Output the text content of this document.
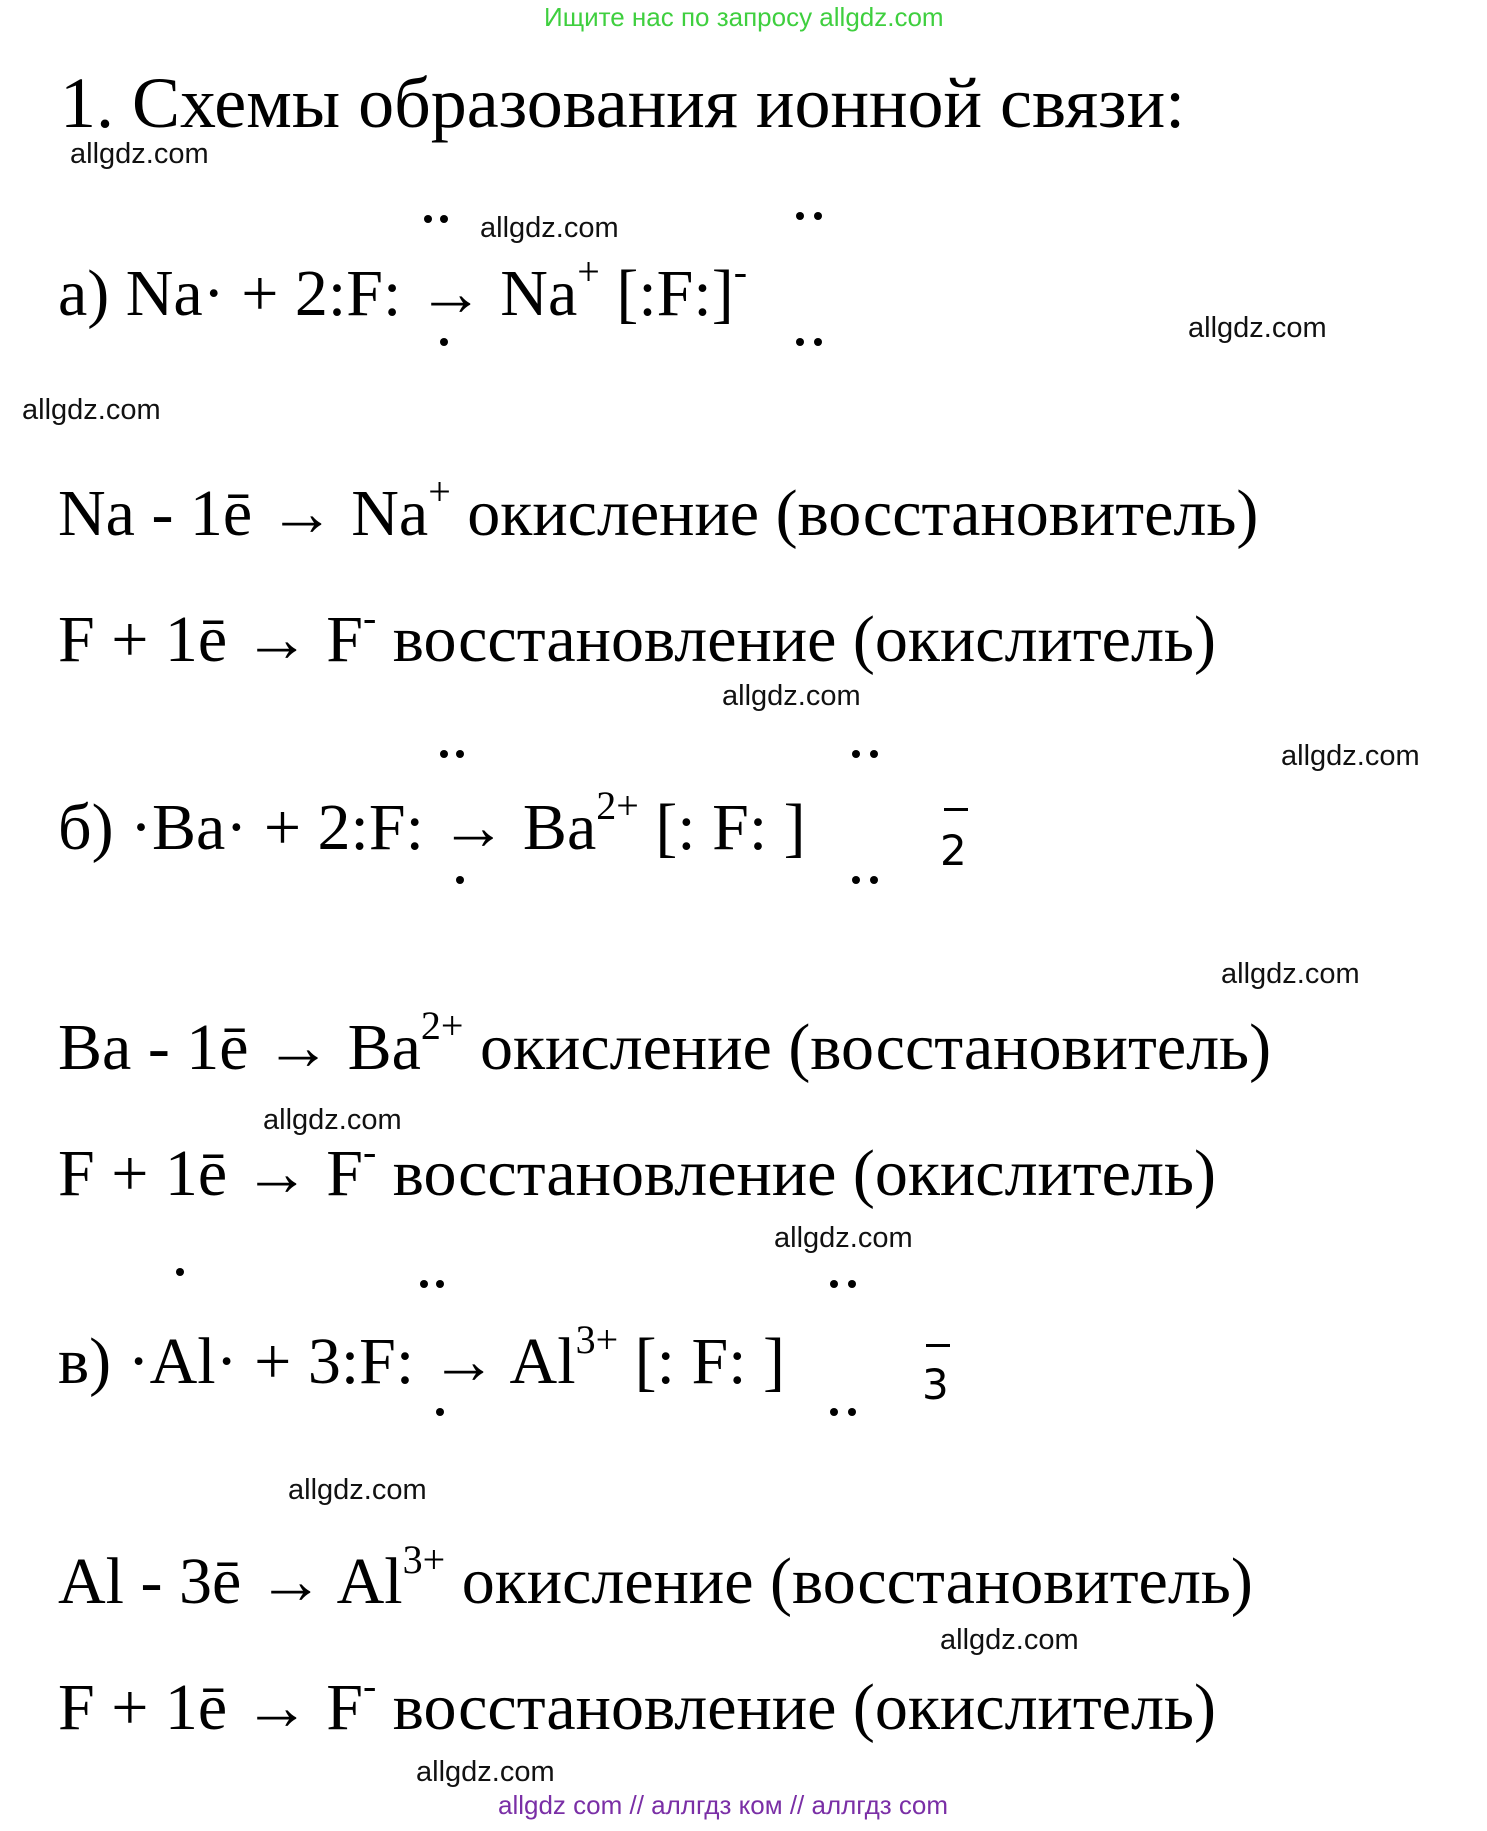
Ищите нас по запросу allgdz.com
1. Схемы образования ионной связи:
allgdz.com
allgdz.com
allgdz.com
allgdz.com
allgdz.com
allgdz.com
allgdz.com
allgdz.com
allgdz.com
allgdz.com
allgdz.com
allgdz.com
а) Na· + 2:F: → Na+ [:F:]-
Na - 1ē → Na+ окисление (восстановитель)
F + 1ē → F- восстановление (окислитель)
б) ·Ba· + 2:F: → $Ba^{2+}$ [: F: ]	2
Ba - 1ē → $Ba^{2+}$ окисление (восстановитель)
F + 1ē → F- восстановление (окислитель)
в) ·Al· + 3:F: → $Al^{3+}$ [: F: ]	3
Al - 3ē → $Al^{3+}$ окисление (восстановитель)
F + 1ē → F- восстановление (окислитель)
allgdz com // аллгдз ком // аллгдз com
